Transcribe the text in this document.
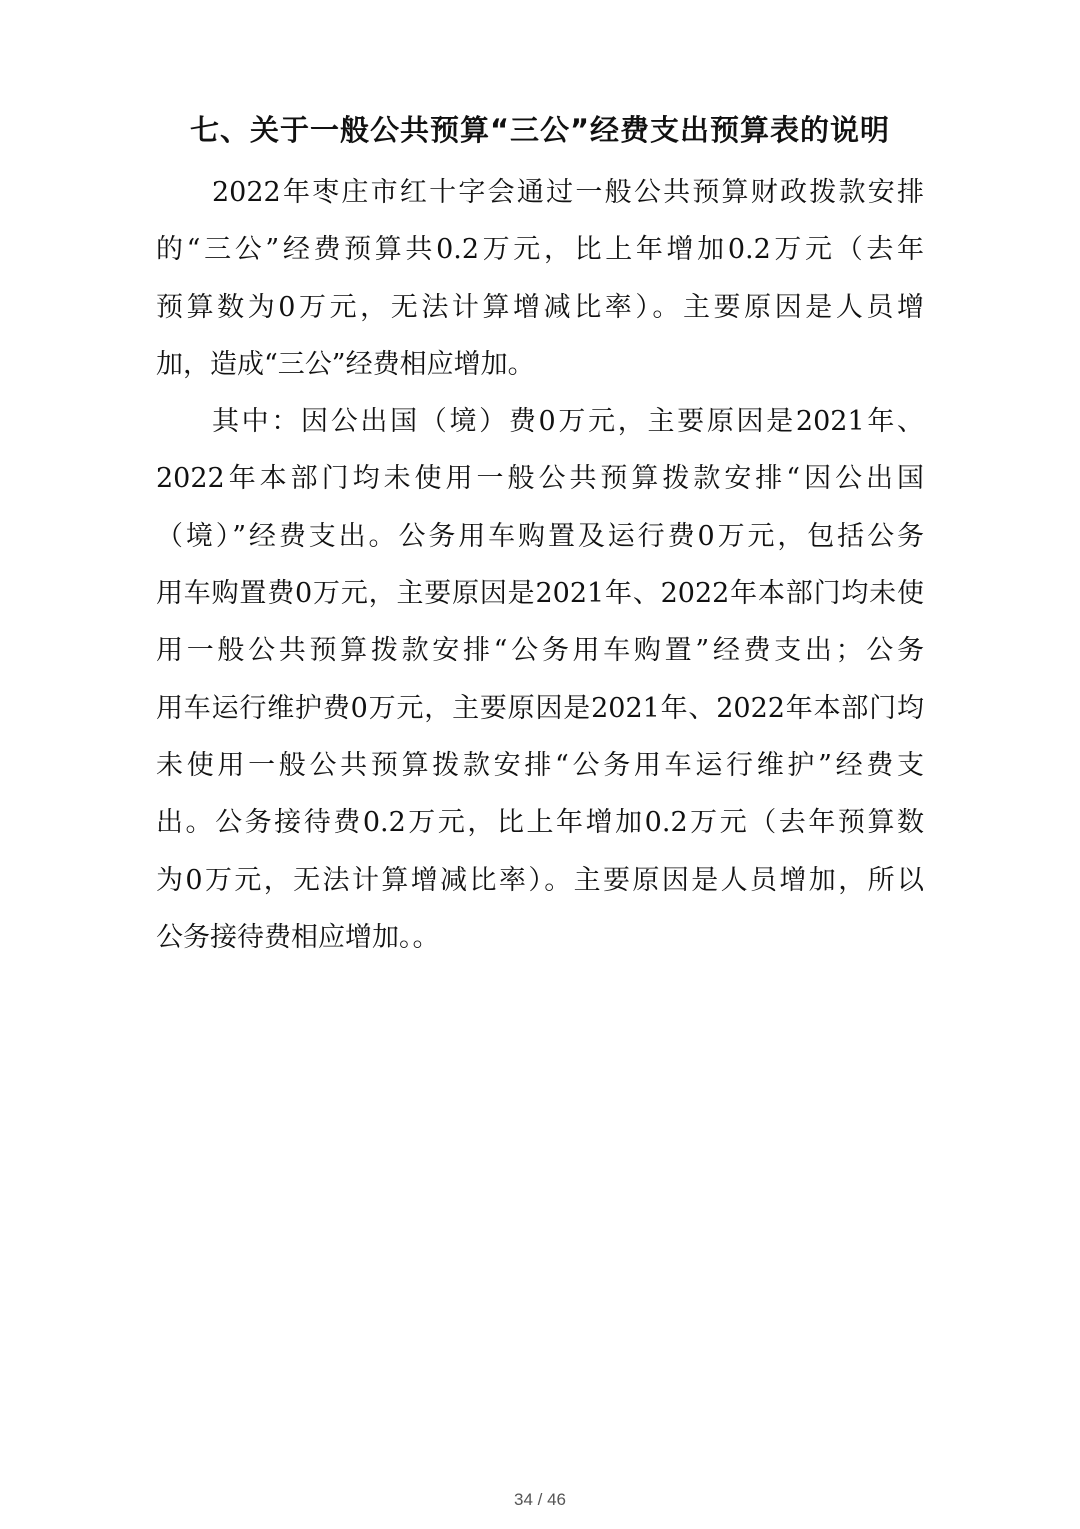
七、关于一般公共预算“三公”经费支出预算表的说明
2022年枣庄市红十字会通过一般公共预算财政拨款安排
的“三公”经费预算共0.2万元，比上年增加0.2万元（去年
预算数为0万元，无法计算增减比率）。主要原因是人员增
加，造成“三公”经费相应增加。
其中：因公出国（境）费0万元，主要原因是2021年、
2022年本部门均未使用一般公共预算拨款安排“因公出国
（境）”经费支出。公务用车购置及运行费0万元，包括公务
用车购置费0万元，主要原因是2021年、2022年本部门均未使
用一般公共预算拨款安排“公务用车购置”经费支出；公务
用车运行维护费0万元，主要原因是2021年、2022年本部门均
未使用一般公共预算拨款安排“公务用车运行维护”经费支
出。公务接待费0.2万元，比上年增加0.2万元（去年预算数
为0万元，无法计算增减比率）。主要原因是人员增加，所以
公务接待费相应增加。。
34 / 46
